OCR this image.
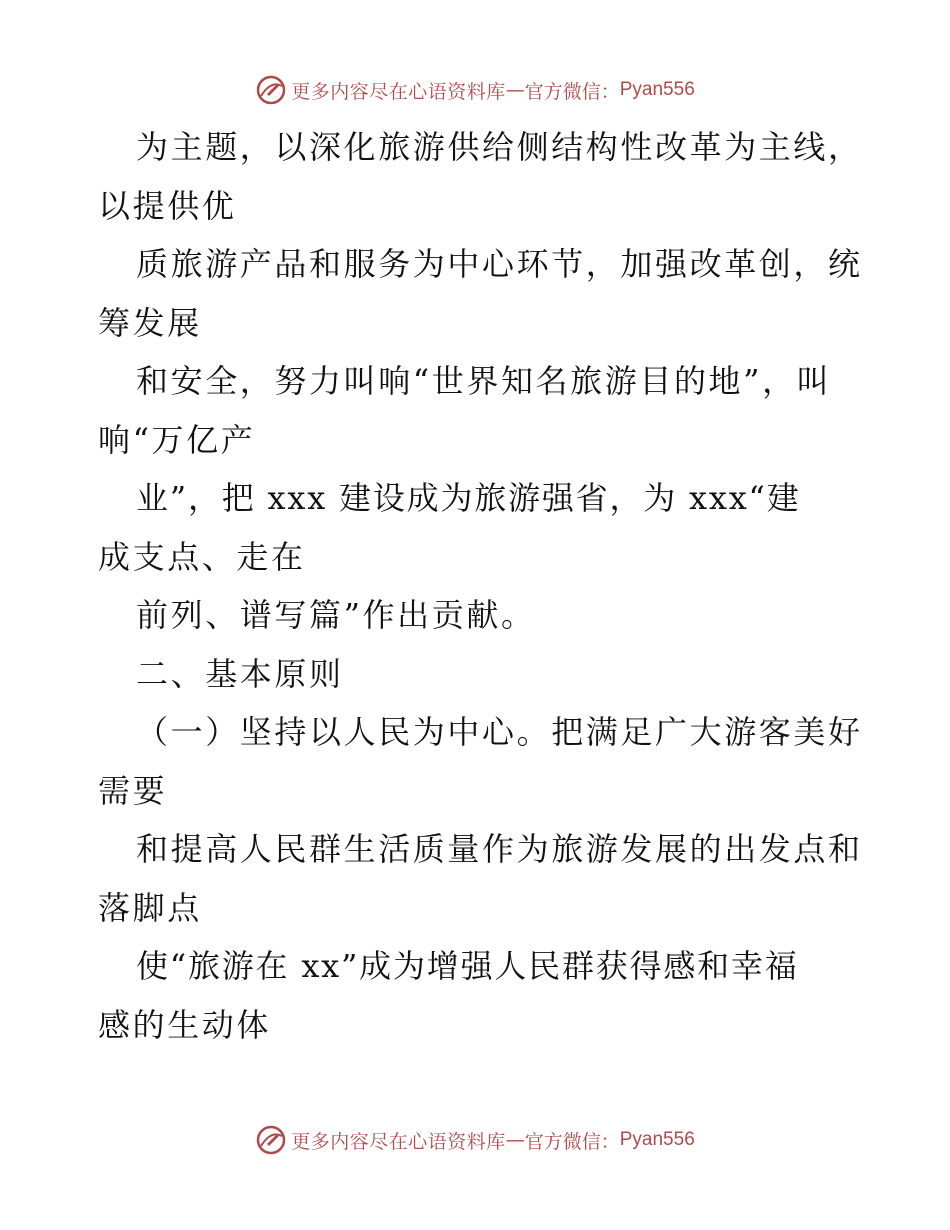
更多内容尽在心语资料库 — 官方微信： Pyan556
为主题，以深化旅游供给侧结构性改革为主线，
以提供优
质旅游产品和服务为中心环节，加强改革创，统
筹发展
和安全，努力叫响“世界知名旅游目的地”，叫
响“万亿产
业”，把 xxx 建设成为旅游强省，为 xxx“建
成支点、走在
前列、谱写篇”作出贡献。
二、基本原则
（一）坚持以人民为中心。把满足广大游客美好
需要
和提高人民群生活质量作为旅游发展的出发点和
落脚点
使“旅游在 xx”成为增强人民群获得感和幸福
感的生动体
更多内容尽在心语资料库 — 官方微信： Pyan556
